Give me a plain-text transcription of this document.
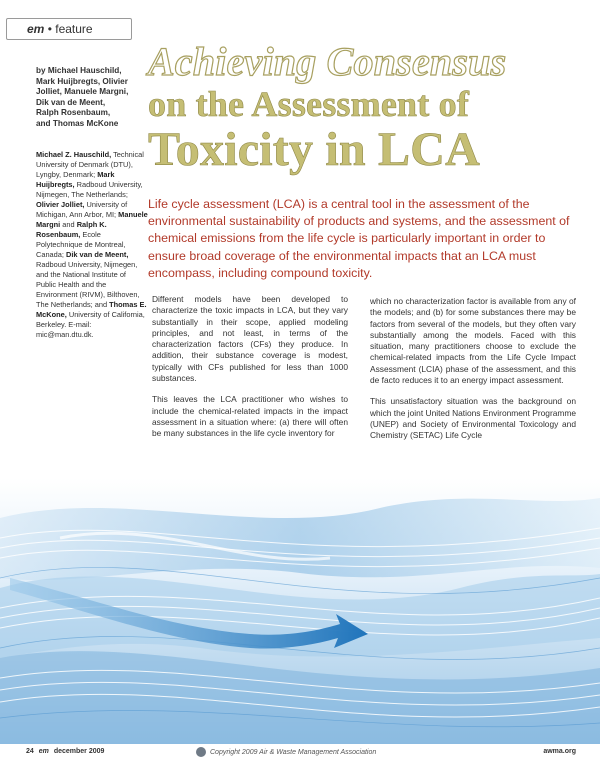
em • feature
Achieving Consensus
on the Assessment of
Toxicity in LCA
by Michael Hauschild,
Mark Huijbregts, Olivier
Jolliet, Manuele Margni,
Dik van de Meent,
Ralph Rosenbaum,
and Thomas McKone
Michael Z. Hauschild, Technical University of Denmark (DTU), Lyngby, Denmark; Mark Huijbregts, Radboud University, Nijmegen, The Netherlands; Olivier Jolliet, University of Michigan, Ann Arbor, MI; Manuele Margni and Ralph K. Rosenbaum, Ecole Polytechnique de Montreal, Canada; Dik van de Meent, Radboud University, Nijmegen, and the National Institute of Public Health and the Environment (RIVM), Bilthoven, The Netherlands; and Thomas E. McKone, University of California, Berkeley. E-mail: mic@man.dtu.dk.

Life cycle assessment (LCA) is a central tool in the assessment of the environmental sustainability of products and systems, and the assessment of chemical emissions from the life cycle is particularly important in order to ensure broad coverage of the environmental impacts that an LCA must encompass, including compound toxicity.

Different models have been developed to characterize the toxic impacts in LCA, but they vary substantially in their scope, applied modeling principles, and not least, in terms of the characterization factors (CFs) they produce. In addition, their substance coverage is modest, typically with CFs published for less than 1000 substances.

This leaves the LCA practitioner who wishes to include the chemical-related impacts in the impact assessment in a situation where: (a) there will often be many substances in the life cycle inventory for

which no characterization factor is available from any of the models; and (b) for some substances there may be factors from several of the models, but they often vary substantially among the models. Faced with this situation, many practitioners choose to exclude the chemical-related impacts from the Life Cycle Impact Assessment (LCIA) phase of the assessment, and this de facto reduces it to an energy impact assessment.

This unsatisfactory situation was the background on which the joint United Nations Environment Programme (UNEP) and Society of Environmental Toxicology and Chemistry (SETAC) Life Cycle

24 em december 2009	Copyright 2009 Air & Waste Management Association	awma.org
